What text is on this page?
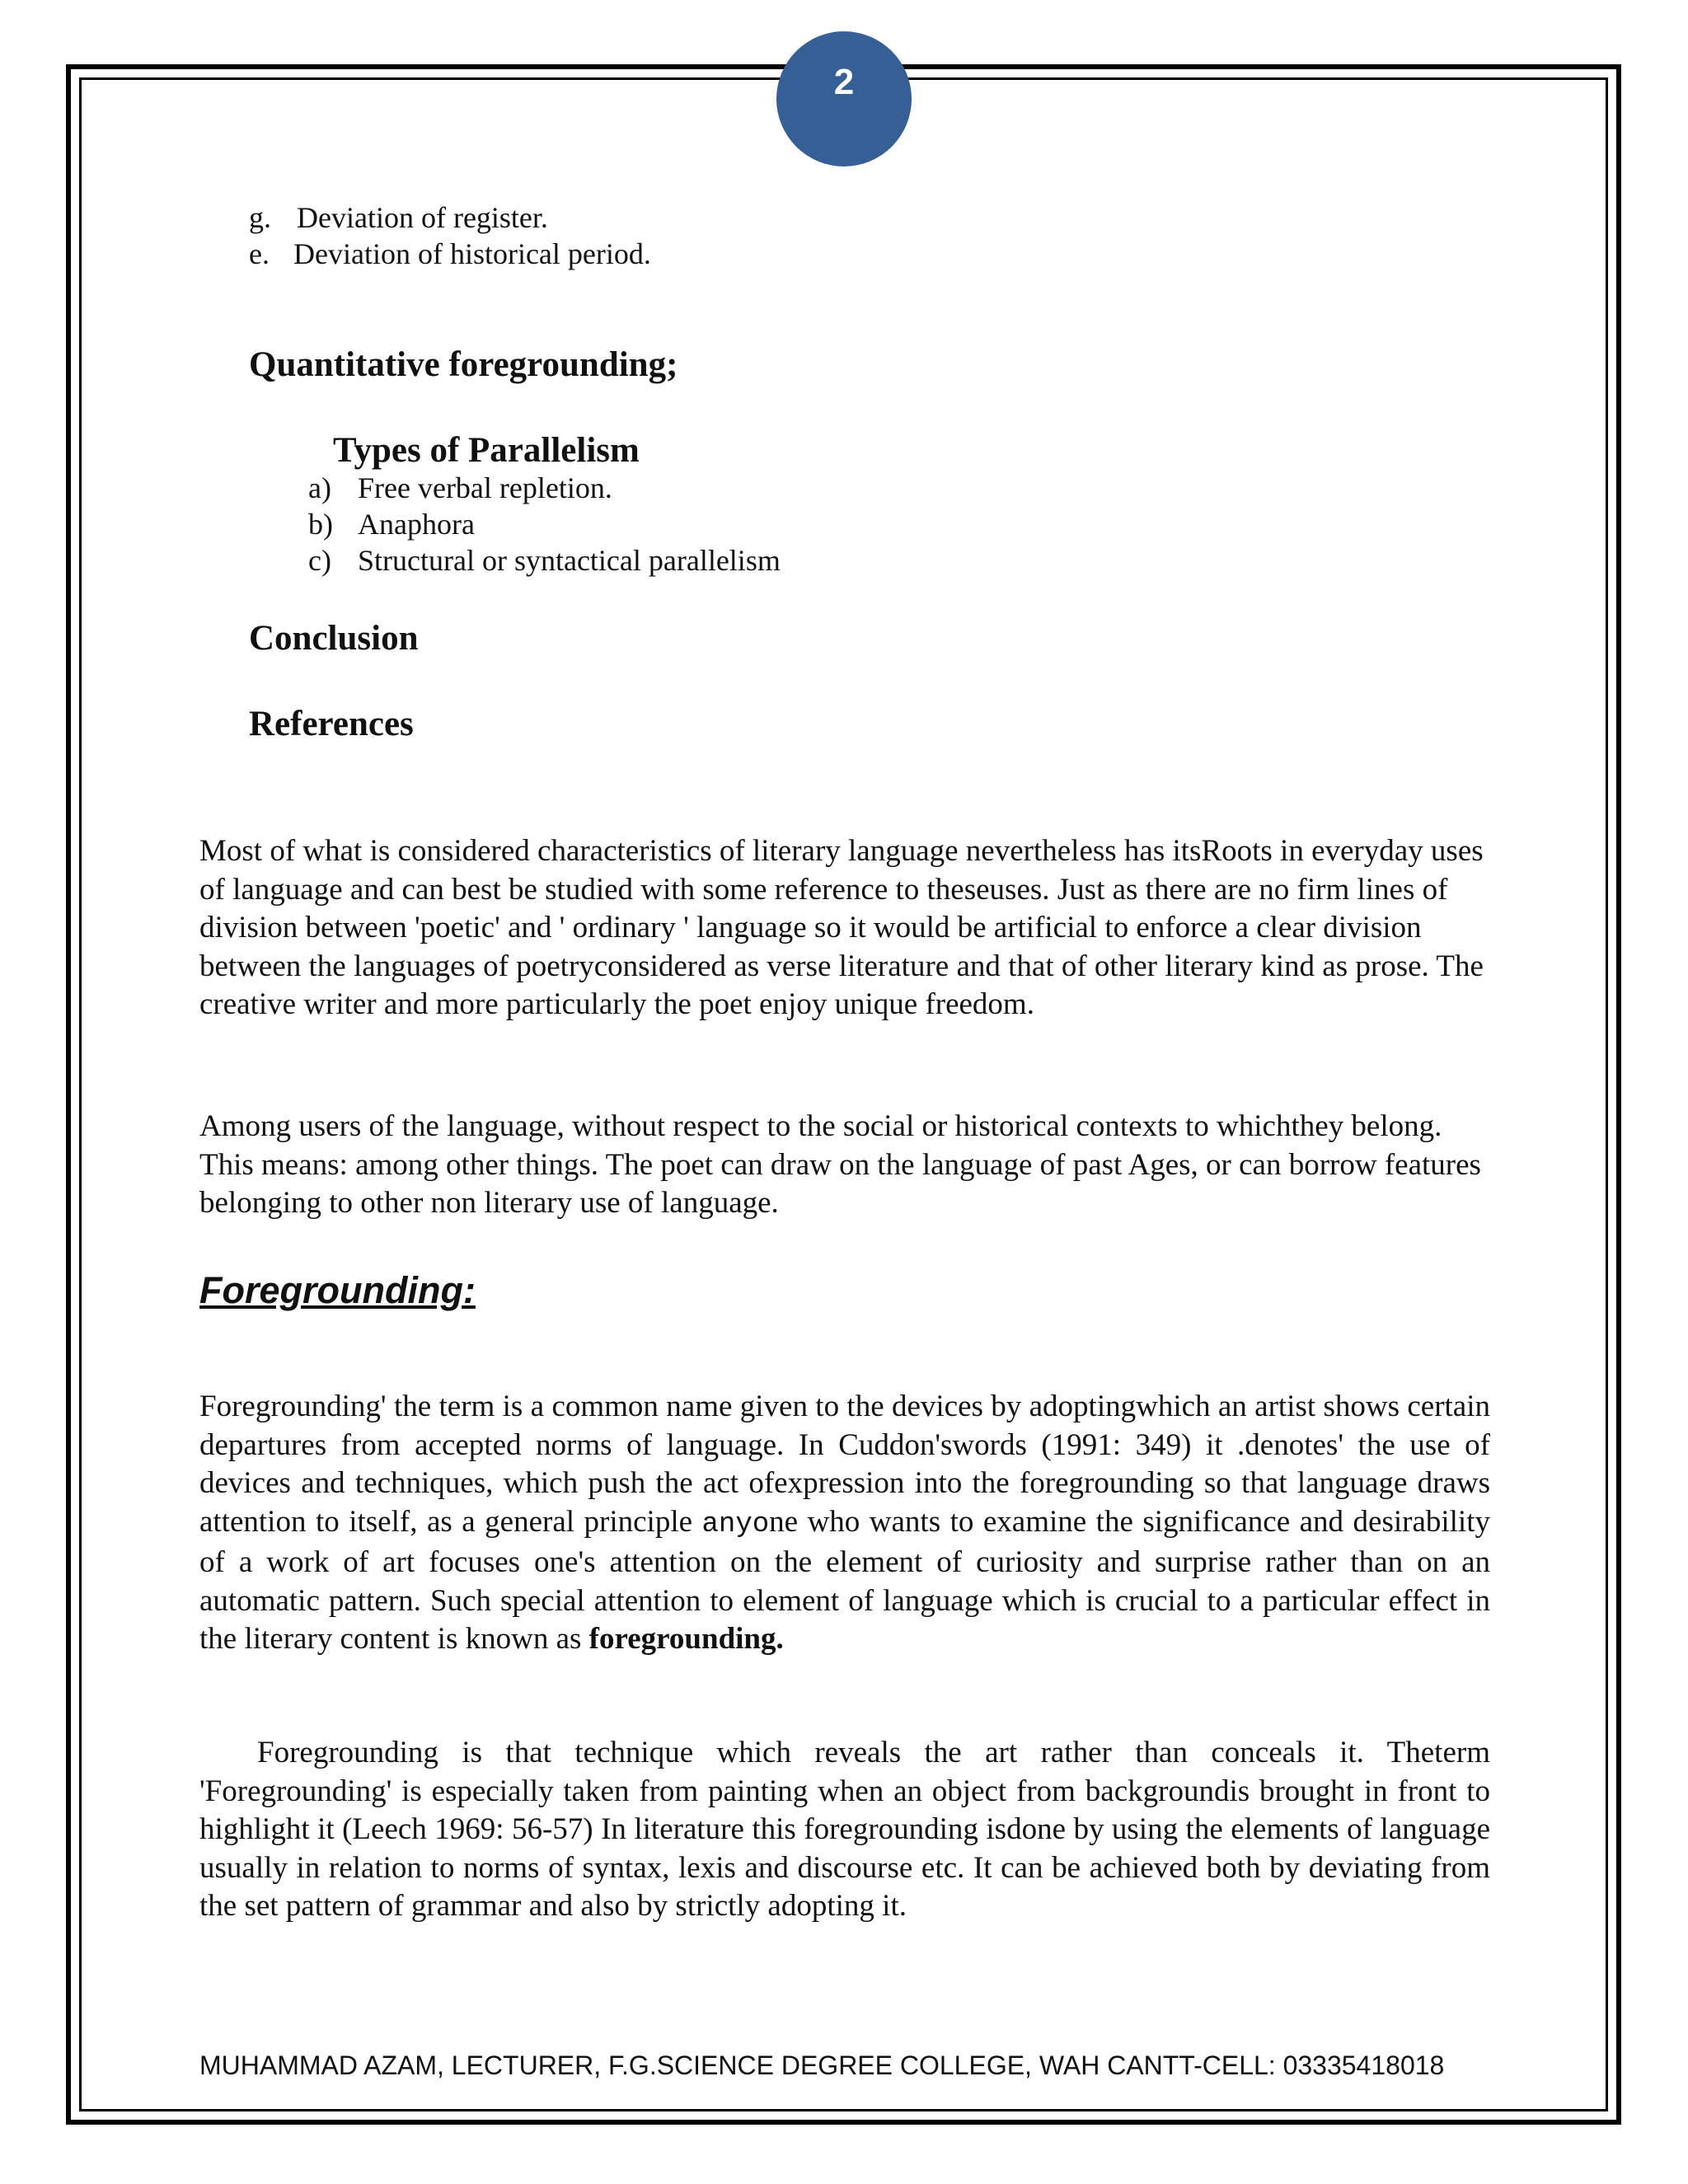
2
g. Deviation of register.
e. Deviation of historical period.
Quantitative foregrounding;
Types of Parallelism
a) Free verbal repletion.
b) Anaphora
c) Structural or syntactical parallelism
Conclusion
References

Most of what is considered characteristics of literary language nevertheless has itsRoots in everyday uses of language and can best be studied with some reference to theseuses. Just as there are no firm lines of division between 'poetic' and ' ordinary ' language so it would be artificial to enforce a clear division between the languages of poetryconsidered as verse literature and that of other literary kind as prose. The creative writer and more particularly the poet enjoy unique freedom.

Among users of the language, without respect to the social or historical contexts to whichthey belong. This means: among other things. The poet can draw on the language of past Ages, or can borrow features belonging to other non literary use of language.

Foregrounding:

Foregrounding' the term is a common name given to the devices by adoptingwhich an artist shows certain departures from accepted norms of language. In Cuddon'swords (1991: 349) it .denotes' the use of devices and techniques, which push the act ofexpression into the foregrounding so that language draws attention to itself, as a general principle anyone who wants to examine the significance and desirability of a work of art focuses one's attention on the element of curiosity and surprise rather than on an automatic pattern. Such special attention to element of language which is crucial to a particular effect in the literary content is known as foregrounding.

Foregrounding is that technique which reveals the art rather than conceals it. Theterm 'Foregrounding' is especially taken from painting when an object from backgroundis brought in front to highlight it (Leech 1969: 56-57) In literature this foregrounding isdone by using the elements of language usually in relation to norms of syntax, lexis and discourse etc. It can be achieved both by deviating from the set pattern of grammar and also by strictly adopting it.

MUHAMMAD AZAM, LECTURER, F.G.SCIENCE DEGREE COLLEGE, WAH CANTT-CELL: 03335418018
